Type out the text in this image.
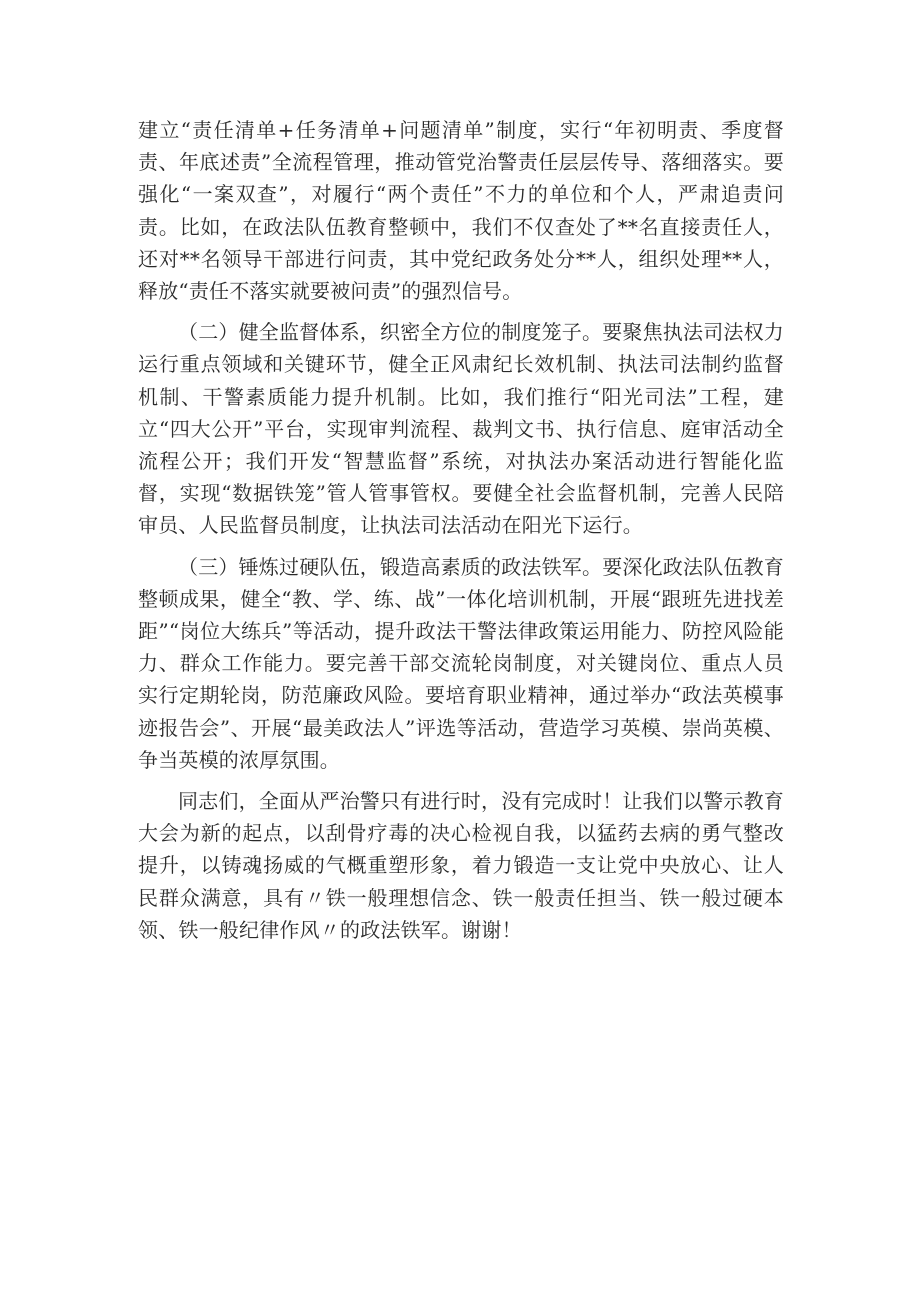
建立“责任清单+任务清单+问题清单”制度，实行“年初明责、季度督责、年底述责”全流程管理，推动管党治警责任层层传导、落细落实。要强化“一案双查”，对履行“两个责任”不力的单位和个人，严肃追责问责。比如，在政法队伍教育整顿中，我们不仅查处了**名直接责任人，还对**名领导干部进行问责，其中党纪政务处分**人，组织处理**人，释放“责任不落实就要被问责”的强烈信号。

（二）健全监督体系，织密全方位的制度笼子。要聚焦执法司法权力运行重点领域和关键环节，健全正风肃纪长效机制、执法司法制约监督机制、干警素质能力提升机制。比如，我们推行“阳光司法”工程，建立“四大公开”平台，实现审判流程、裁判文书、执行信息、庭审活动全流程公开；我们开发“智慧监督”系统，对执法办案活动进行智能化监督，实现“数据铁笼”管人管事管权。要健全社会监督机制，完善人民陪审员、人民监督员制度，让执法司法活动在阳光下运行。

（三）锤炼过硬队伍，锻造高素质的政法铁军。要深化政法队伍教育整顿成果，健全“教、学、练、战”一体化培训机制，开展“跟班先进找差距”“岗位大练兵”等活动，提升政法干警法律政策运用能力、防控风险能力、群众工作能力。要完善干部交流轮岗制度，对关键岗位、重点人员实行定期轮岗，防范廉政风险。要培育职业精神，通过举办“政法英模事迹报告会”、开展“最美政法人”评选等活动，营造学习英模、崇尚英模、争当英模的浓厚氛围。

同志们，全面从严治警只有进行时，没有完成时！让我们以警示教育大会为新的起点，以刮骨疗毒的决心检视自我，以猛药去病的勇气整改提升，以铸魂扬威的气概重塑形象，着力锻造一支让党中央放心、让人民群众满意，具有〃铁一般理想信念、铁一般责任担当、铁一般过硬本领、铁一般纪律作风〃的政法铁军。谢谢！
